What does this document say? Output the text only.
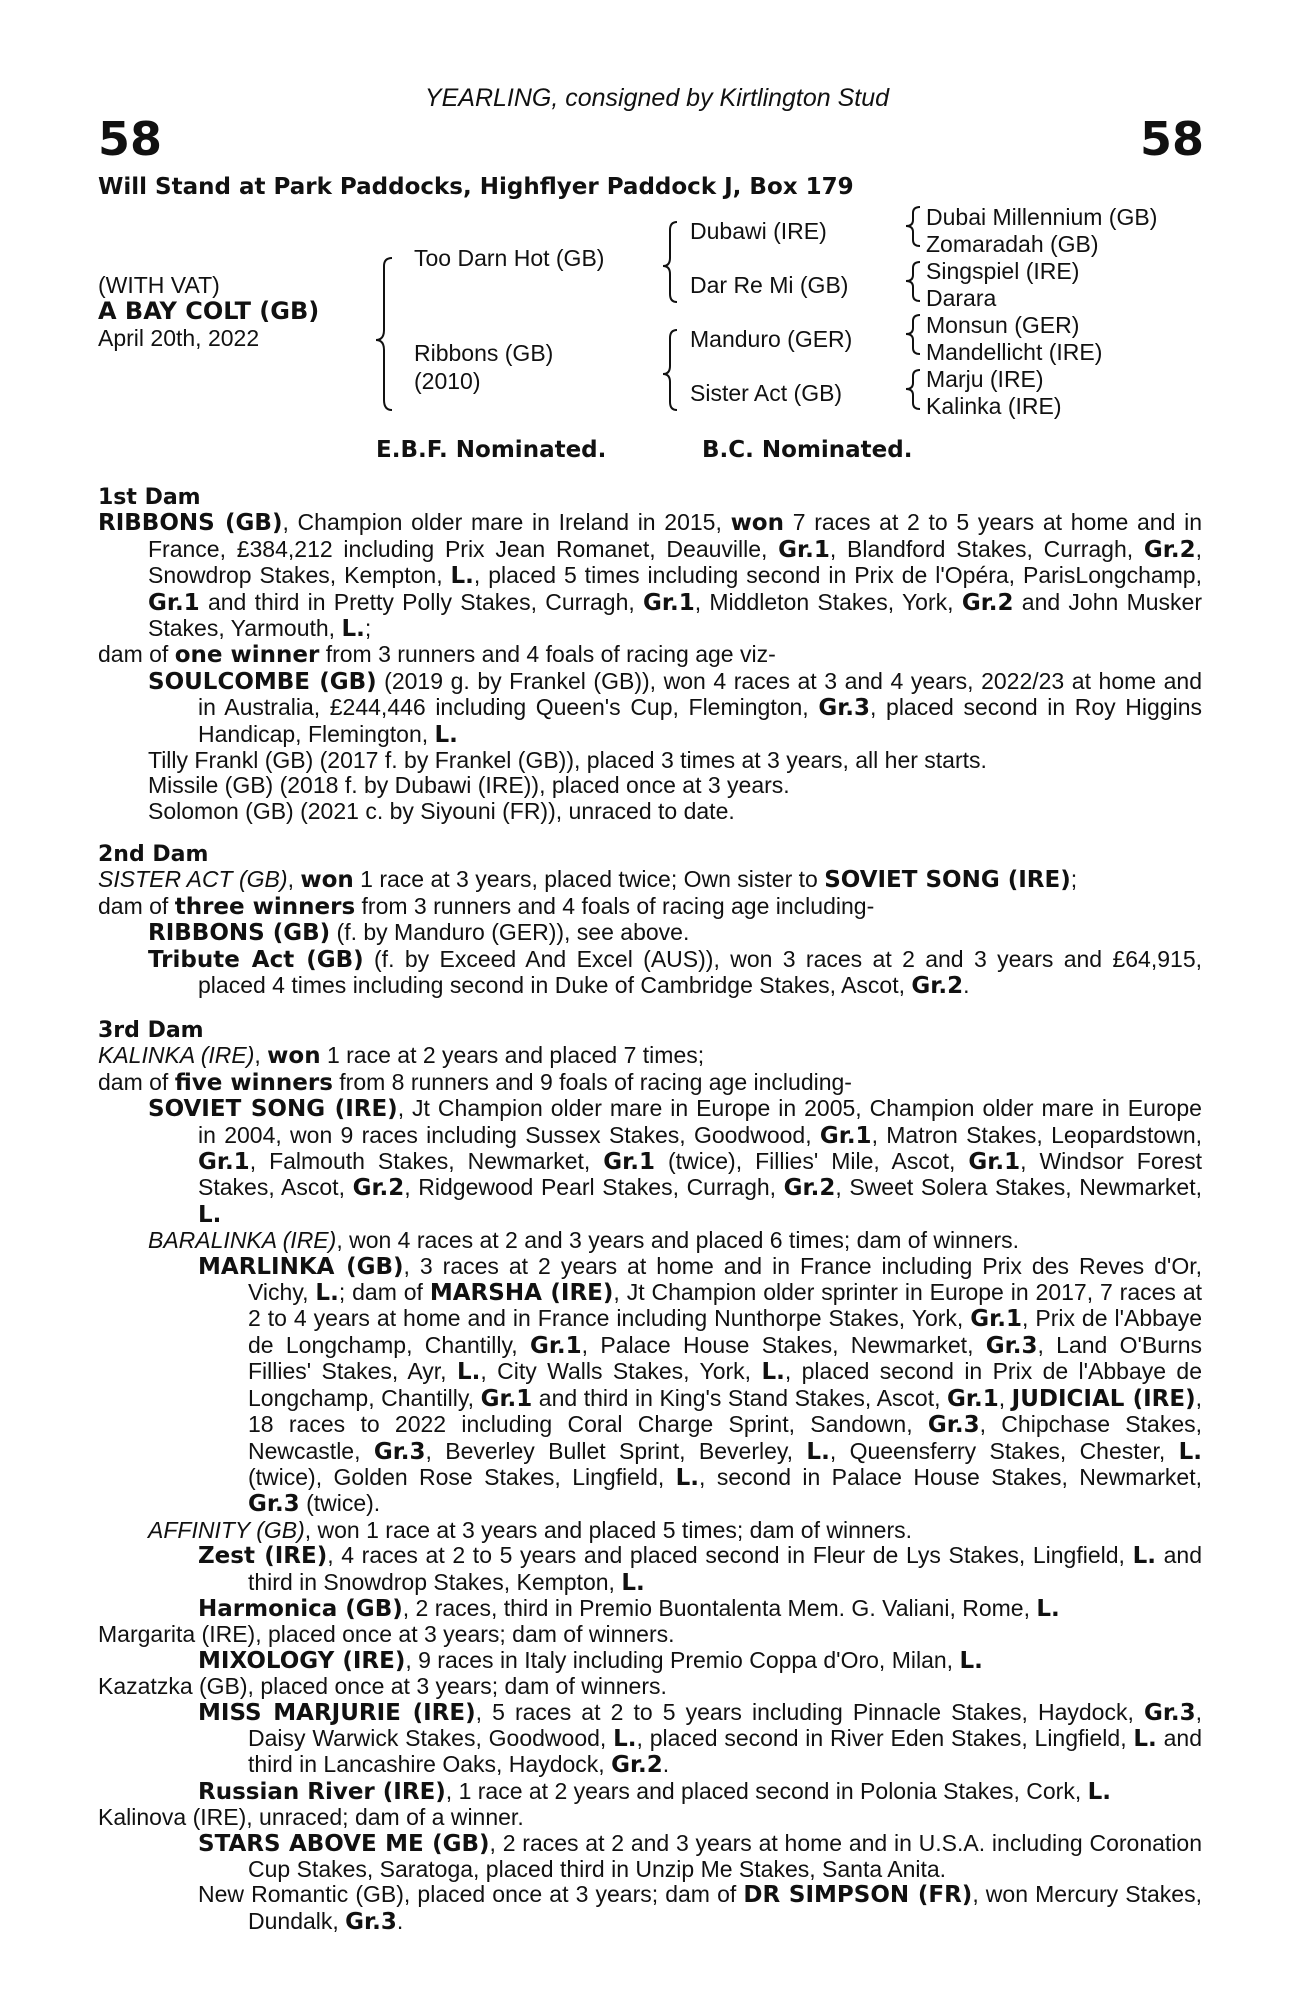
YEARLING, consigned by Kirtlington Stud
58	58
Will Stand at Park Paddocks, Highflyer Paddock J, Box 179
(WITH VAT)
A BAY COLT (GB)
April 20th, 2022
Too Darn Hot (GB)
Ribbons (GB)
(2010)
Dubawi (IRE)
Dar Re Mi (GB)
Manduro (GER)
Sister Act (GB)
Dubai Millennium (GB)
Zomaradah (GB)
Singspiel (IRE)
Darara
Monsun (GER)
Mandellicht (IRE)
Marju (IRE)
Kalinka (IRE)
E.B.F. Nominated.	B.C. Nominated.
1st Dam

RIBBONS (GB), Champion older mare in Ireland in 2015, won 7 races at 2 to 5 years at home and in France, £384,212 including Prix Jean Romanet, Deauville, Gr.1, Blandford Stakes, Curragh, Gr.2, Snowdrop Stakes, Kempton, L., placed 5 times including second in Prix de l'Opéra, ParisLongchamp, Gr.1 and third in Pretty Polly Stakes, Curragh, Gr.1, Middleton Stakes, York, Gr.2 and John Musker Stakes, Yarmouth, L.;

dam of one winner from 3 runners and 4 foals of racing age viz-

SOULCOMBE (GB) (2019 g. by Frankel (GB)), won 4 races at 3 and 4 years, 2022/23 at home and in Australia, £244,446 including Queen's Cup, Flemington, Gr.3, placed second in Roy Higgins Handicap, Flemington, L.

Tilly Frankl (GB) (2017 f. by Frankel (GB)), placed 3 times at 3 years, all her starts.

Missile (GB) (2018 f. by Dubawi (IRE)), placed once at 3 years.

Solomon (GB) (2021 c. by Siyouni (FR)), unraced to date.

2nd Dam

SISTER ACT (GB), won 1 race at 3 years, placed twice; Own sister to SOVIET SONG (IRE);

dam of three winners from 3 runners and 4 foals of racing age including-

RIBBONS (GB) (f. by Manduro (GER)), see above.

Tribute Act (GB) (f. by Exceed And Excel (AUS)), won 3 races at 2 and 3 years and £64,915, placed 4 times including second in Duke of Cambridge Stakes, Ascot, Gr.2.

3rd Dam

KALINKA (IRE), won 1 race at 2 years and placed 7 times;

dam of five winners from 8 runners and 9 foals of racing age including-

SOVIET SONG (IRE), Jt Champion older mare in Europe in 2005, Champion older mare in Europe in 2004, won 9 races including Sussex Stakes, Goodwood, Gr.1, Matron Stakes, Leopardstown, Gr.1, Falmouth Stakes, Newmarket, Gr.1 (twice), Fillies' Mile, Ascot, Gr.1, Windsor Forest Stakes, Ascot, Gr.2, Ridgewood Pearl Stakes, Curragh, Gr.2, Sweet Solera Stakes, Newmarket, L.

BARALINKA (IRE), won 4 races at 2 and 3 years and placed 6 times; dam of winners.

MARLINKA (GB), 3 races at 2 years at home and in France including Prix des Reves d'Or, Vichy, L.; dam of MARSHA (IRE), Jt Champion older sprinter in Europe in 2017, 7 races at 2 to 4 years at home and in France including Nunthorpe Stakes, York, Gr.1, Prix de l'Abbaye de Longchamp, Chantilly, Gr.1, Palace House Stakes, Newmarket, Gr.3, Land O'Burns Fillies' Stakes, Ayr, L., City Walls Stakes, York, L., placed second in Prix de l'Abbaye de Longchamp, Chantilly, Gr.1 and third in King's Stand Stakes, Ascot, Gr.1, JUDICIAL (IRE), 18 races to 2022 including Coral Charge Sprint, Sandown, Gr.3, Chipchase Stakes, Newcastle, Gr.3, Beverley Bullet Sprint, Beverley, L., Queensferry Stakes, Chester, L. (twice), Golden Rose Stakes, Lingfield, L., second in Palace House Stakes, Newmarket, Gr.3 (twice).

AFFINITY (GB), won 1 race at 3 years and placed 5 times; dam of winners.

Zest (IRE), 4 races at 2 to 5 years and placed second in Fleur de Lys Stakes, Lingfield, L. and third in Snowdrop Stakes, Kempton, L.

Harmonica (GB), 2 races, third in Premio Buontalenta Mem. G. Valiani, Rome, L.

Margarita (IRE), placed once at 3 years; dam of winners.

MIXOLOGY (IRE), 9 races in Italy including Premio Coppa d'Oro, Milan, L.

Kazatzka (GB), placed once at 3 years; dam of winners.

MISS MARJURIE (IRE), 5 races at 2 to 5 years including Pinnacle Stakes, Haydock, Gr.3, Daisy Warwick Stakes, Goodwood, L., placed second in River Eden Stakes, Lingfield, L. and third in Lancashire Oaks, Haydock, Gr.2.

Russian River (IRE), 1 race at 2 years and placed second in Polonia Stakes, Cork, L.

Kalinova (IRE), unraced; dam of a winner.

STARS ABOVE ME (GB), 2 races at 2 and 3 years at home and in U.S.A. including Coronation Cup Stakes, Saratoga, placed third in Unzip Me Stakes, Santa Anita.

New Romantic (GB), placed once at 3 years; dam of DR SIMPSON (FR), won Mercury Stakes, Dundalk, Gr.3.
